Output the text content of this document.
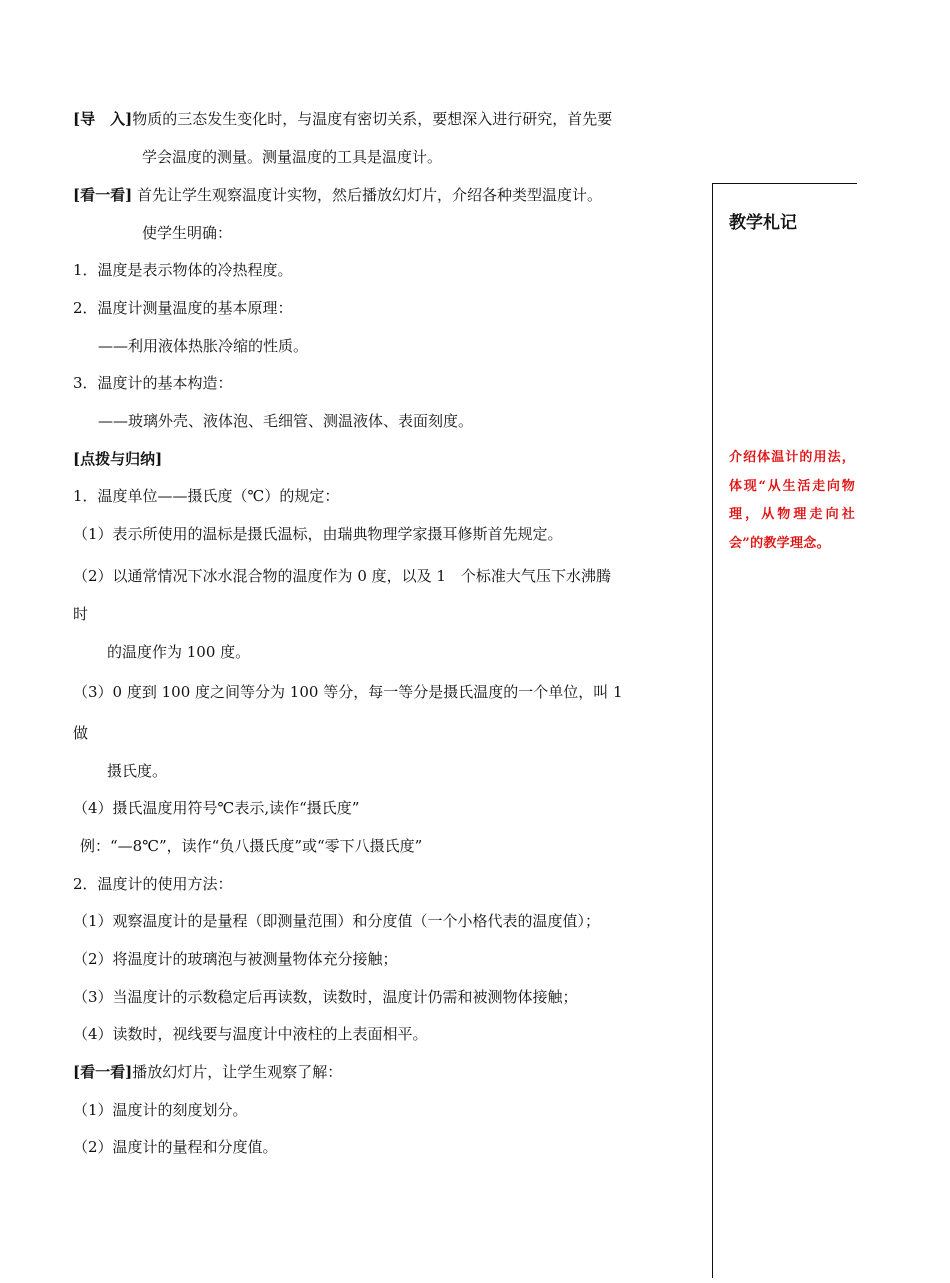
[导　入]物质的三态发生变化时，与温度有密切关系，要想深入进行研究，首先要
学会温度的测量。测量温度的工具是温度计。
[看一看] 首先让学生观察温度计实物，然后播放幻灯片，介绍各种类型温度计。
使学生明确：
1．温度是表示物体的冷热程度。
2．温度计测量温度的基本原理：
——利用液体热胀冷缩的性质。
3．温度计的基本构造：
——玻璃外壳、液体泡、毛细管、测温液体、表面刻度。
[点拨与归纳]
1．温度单位——摄氏度（℃）的规定：
（1）表示所使用的温标是摄氏温标，由瑞典物理学家摄耳修斯首先规定。
（2）以通常情况下冰水混合物的温度作为 0 度，以及 1　个标准大气压下水沸腾
时
的温度作为 100 度。
（3）0 度到 100 度之间等分为 100 等分，每一等分是摄氏温度的一个单位，叫 1
做
摄氏度。
（4）摄氏温度用符号℃表示,读作“摄氏度”
例：“—8℃”，读作“负八摄氏度”或“零下八摄氏度”
2．温度计的使用方法：
（1）观察温度计的是量程（即测量范围）和分度值（一个小格代表的温度值）；
（2）将温度计的玻璃泡与被测量物体充分接触；
（3）当温度计的示数稳定后再读数，读数时，温度计仍需和被测物体接触；
（4）读数时，视线要与温度计中液柱的上表面相平。
[看一看]播放幻灯片，让学生观察了解：
（1）温度计的刻度划分。
（2）温度计的量程和分度值。
教学札记
介绍体温计的用法，体现“从生活走向物理，从物理走向社会”的教学理念。
